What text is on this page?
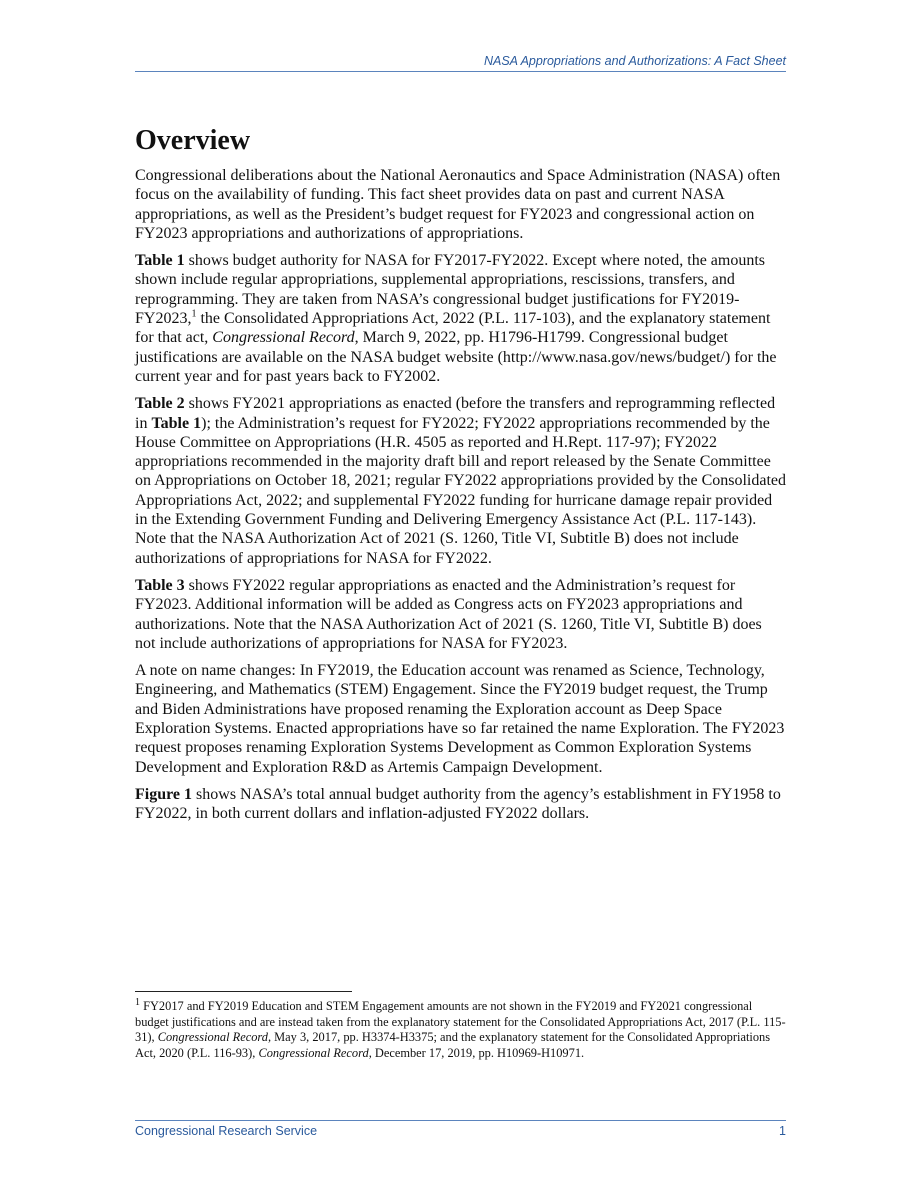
NASA Appropriations and Authorizations: A Fact Sheet
Overview

Congressional deliberations about the National Aeronautics and Space Administration (NASA) often focus on the availability of funding. This fact sheet provides data on past and current NASA appropriations, as well as the President’s budget request for FY2023 and congressional action on FY2023 appropriations and authorizations of appropriations.

Table 1 shows budget authority for NASA for FY2017-FY2022. Except where noted, the amounts shown include regular appropriations, supplemental appropriations, rescissions, transfers, and reprogramming. They are taken from NASA’s congressional budget justifications for FY2019-FY2023,$^1$ the Consolidated Appropriations Act, 2022 (P.L. 117-103), and the explanatory statement for that act, Congressional Record, March 9, 2022, pp. H1796-H1799. Congressional budget justifications are available on the NASA budget website (http://www.nasa.gov/news/budget/) for the current year and for past years back to FY2002.

Table 2 shows FY2021 appropriations as enacted (before the transfers and reprogramming reflected in Table 1); the Administration’s request for FY2022; FY2022 appropriations recommended by the House Committee on Appropriations (H.R. 4505 as reported and H.Rept. 117-97); FY2022 appropriations recommended in the majority draft bill and report released by the Senate Committee on Appropriations on October 18, 2021; regular FY2022 appropriations provided by the Consolidated Appropriations Act, 2022; and supplemental FY2022 funding for hurricane damage repair provided in the Extending Government Funding and Delivering Emergency Assistance Act (P.L. 117-143). Note that the NASA Authorization Act of 2021 (S. 1260, Title VI, Subtitle B) does not include authorizations of appropriations for NASA for FY2022.

Table 3 shows FY2022 regular appropriations as enacted and the Administration’s request for FY2023. Additional information will be added as Congress acts on FY2023 appropriations and authorizations. Note that the NASA Authorization Act of 2021 (S. 1260, Title VI, Subtitle B) does not include authorizations of appropriations for NASA for FY2023.

A note on name changes: In FY2019, the Education account was renamed as Science, Technology, Engineering, and Mathematics (STEM) Engagement. Since the FY2019 budget request, the Trump and Biden Administrations have proposed renaming the Exploration account as Deep Space Exploration Systems. Enacted appropriations have so far retained the name Exploration. The FY2023 request proposes renaming Exploration Systems Development as Common Exploration Systems Development and Exploration R&D as Artemis Campaign Development.

Figure 1 shows NASA’s total annual budget authority from the agency’s establishment in FY1958 to FY2022, in both current dollars and inflation-adjusted FY2022 dollars.

$^1$ FY2017 and FY2019 Education and STEM Engagement amounts are not shown in the FY2019 and FY2021 congressional budget justifications and are instead taken from the explanatory statement for the Consolidated Appropriations Act, 2017 (P.L. 115-31), Congressional Record, May 3, 2017, pp. H3374-H3375; and the explanatory statement for the Consolidated Appropriations Act, 2020 (P.L. 116-93), Congressional Record, December 17, 2019, pp. H10969-H10971.
Congressional Research Service	1
